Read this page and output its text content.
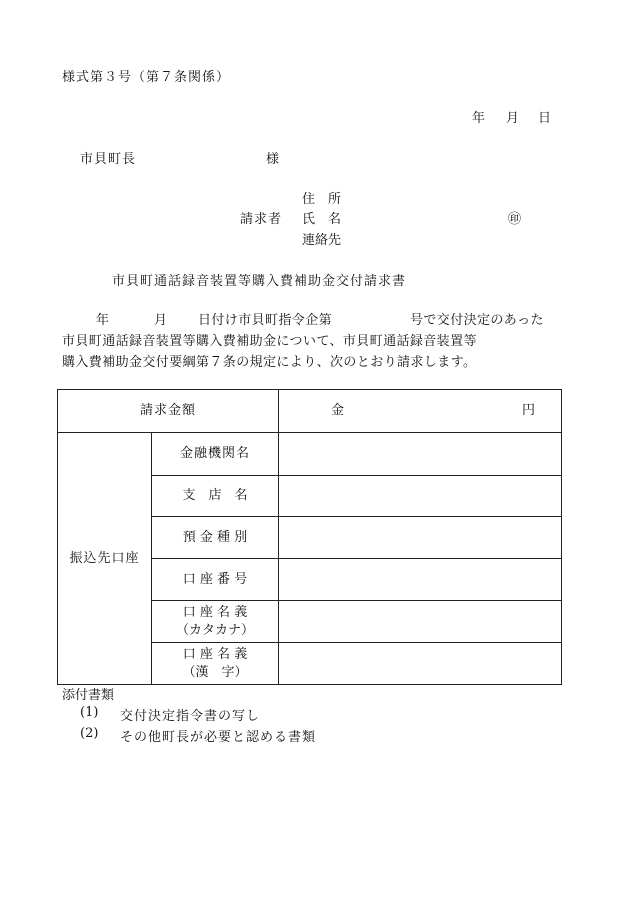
様式第３号（第７条関係）
年 月 日
市貝町長	様
住　所
請求者 氏　名	㊞
連絡先
市貝町通話録音装置等購入費補助金交付請求書
年	月 日付け市貝町指令企第	号で交付決定のあった
市貝町通話録音装置等購入費補助金について、市貝町通話録音装置等
購入費補助金交付要綱第７条の規定により、次のとおり請求します。
請求金額		金 円

振込先口座	金融機関名	
	支　店　名	
	預 金 種 別	
	口 座 番 号	

	口 座 名 義
（カタカナ）	

	口 座 名 義
（漢　字）	

添付書類
(1) 交付決定指令書の写し
(2) その他町長が必要と認める書類
